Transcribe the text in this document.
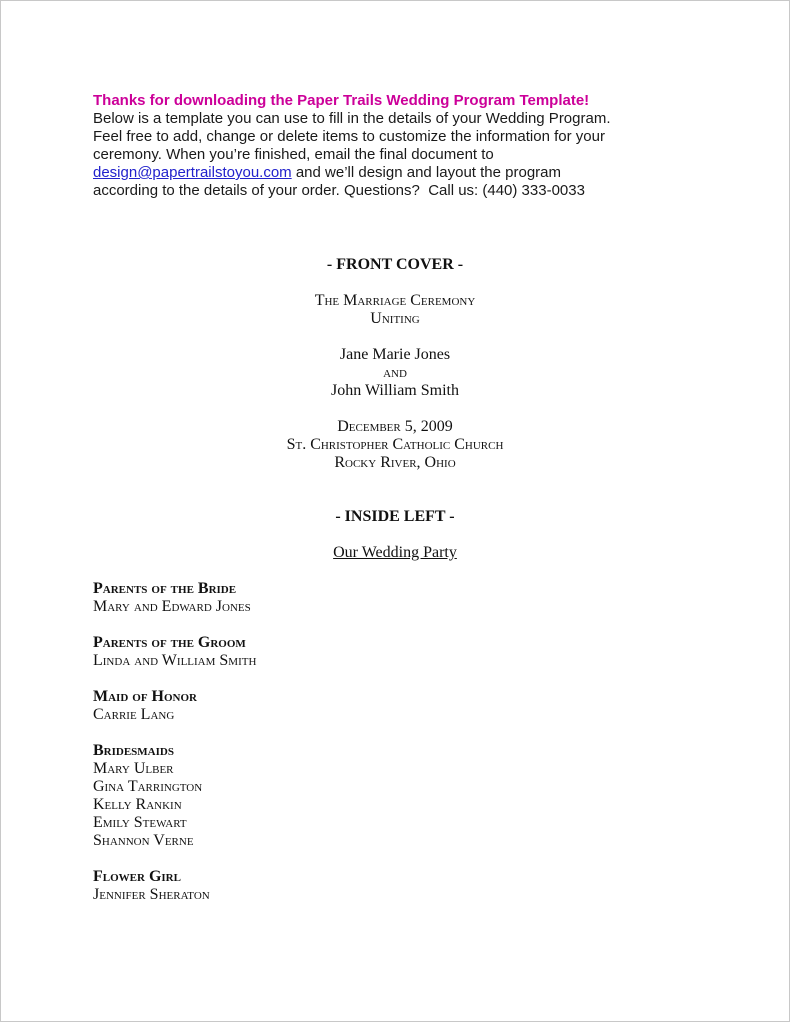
Thanks for downloading the Paper Trails Wedding Program Template!

Below is a template you can use to fill in the details of your Wedding Program.

Feel free to add, change or delete items to customize the information for your

ceremony. When you’re finished, email the final document to

design@papertrailstoyou.com and we’ll design and layout the program

according to the details of your order. Questions?  Call us: (440) 333-0033

- FRONT COVER -

The Marriage Ceremony

Uniting

Jane Marie Jones

and

John William Smith

December 5, 2009

St. Christopher Catholic Church

Rocky River, Ohio

- INSIDE LEFT -

Our Wedding Party

Parents of the Bride

Mary and Edward Jones

Parents of the Groom

Linda and William Smith

Maid of Honor

Carrie Lang

Bridesmaids

Mary Ulber

Gina Tarrington

Kelly Rankin

Emily Stewart

Shannon Verne

Flower Girl

Jennifer Sheraton
